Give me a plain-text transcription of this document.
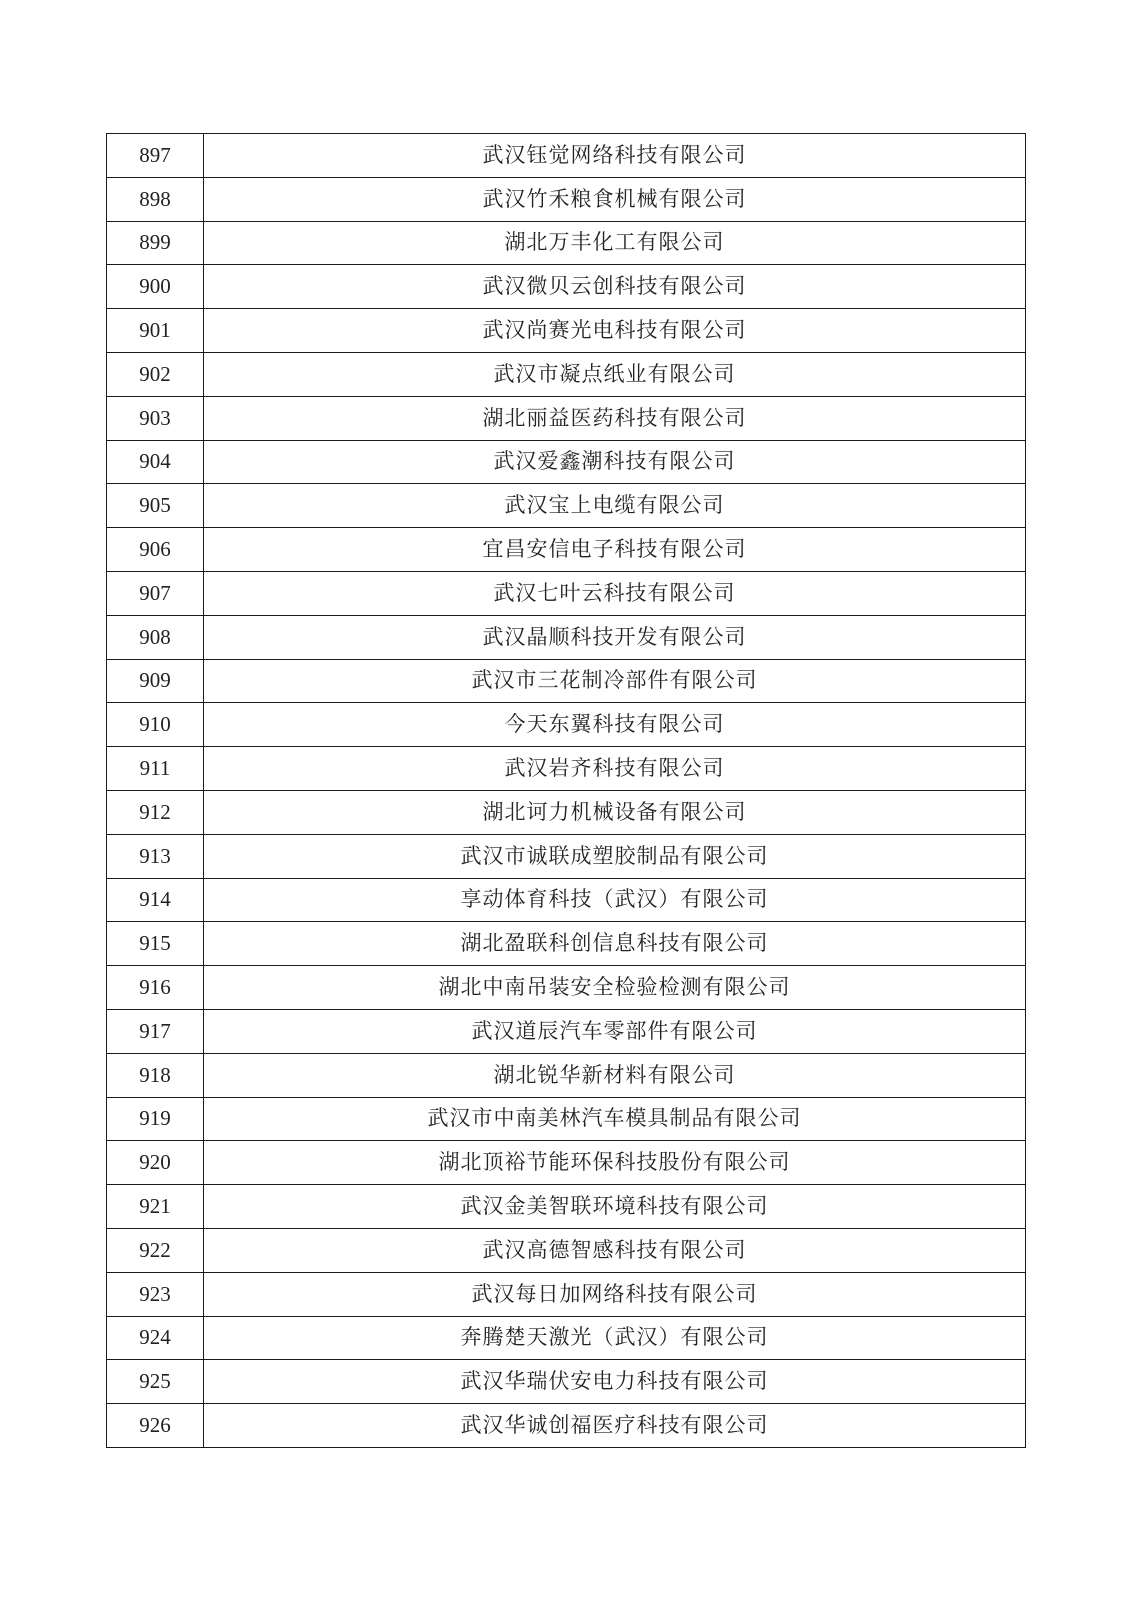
897	武汉钰觉网络科技有限公司
898	武汉竹禾粮食机械有限公司
899	湖北万丰化工有限公司
900	武汉微贝云创科技有限公司
901	武汉尚赛光电科技有限公司
902	武汉市凝点纸业有限公司
903	湖北丽益医药科技有限公司
904	武汉爱鑫潮科技有限公司
905	武汉宝上电缆有限公司
906	宜昌安信电子科技有限公司
907	武汉七叶云科技有限公司
908	武汉晶顺科技开发有限公司
909	武汉市三花制冷部件有限公司
910	今天东翼科技有限公司
911	武汉岩齐科技有限公司
912	湖北诃力机械设备有限公司
913	武汉市诚联成塑胶制品有限公司
914	享动体育科技（武汉）有限公司
915	湖北盈联科创信息科技有限公司
916	湖北中南吊装安全检验检测有限公司
917	武汉道辰汽车零部件有限公司
918	湖北锐华新材料有限公司
919	武汉市中南美林汽车模具制品有限公司
920	湖北顶裕节能环保科技股份有限公司
921	武汉金美智联环境科技有限公司
922	武汉高德智感科技有限公司
923	武汉每日加网络科技有限公司
924	奔腾楚天激光（武汉）有限公司
925	武汉华瑞伏安电力科技有限公司
926	武汉华诚创福医疗科技有限公司
